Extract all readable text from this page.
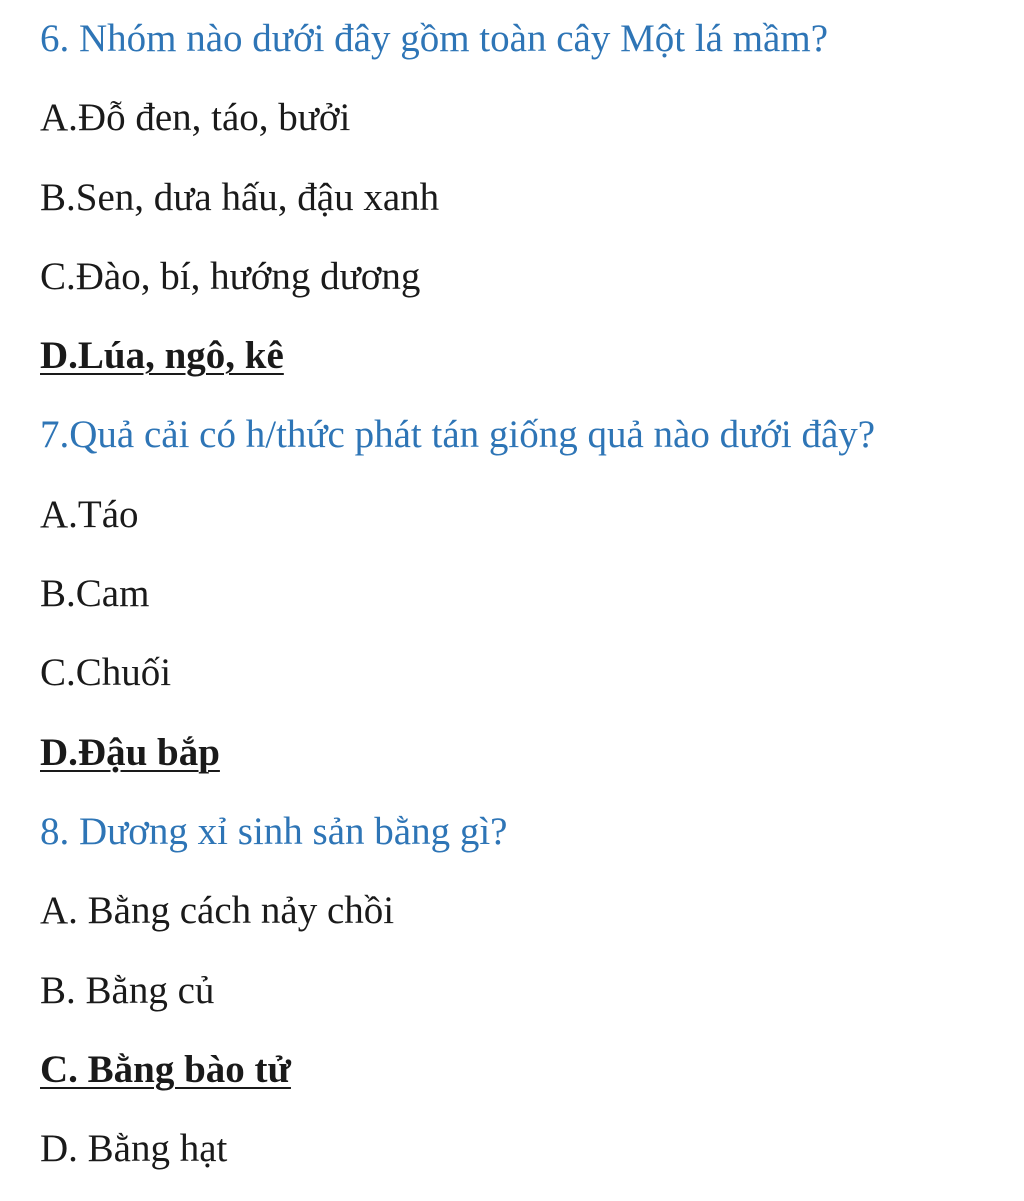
6. Nhóm nào dưới đây gồm toàn cây Một lá mầm?
A.Đỗ đen, táo, bưởi
B.Sen, dưa hấu, đậu xanh
C.Đào, bí, hướng dương
D.Lúa, ngô, kê
7.Quả cải có h/thức phát tán giống quả nào dưới đây?
A.Táo
B.Cam
C.Chuối
D.Đậu bắp
8. Dương xỉ sinh sản bằng gì?
A. Bằng cách nảy chồi
B. Bằng củ
C. Bằng bào tử
D. Bằng hạt
